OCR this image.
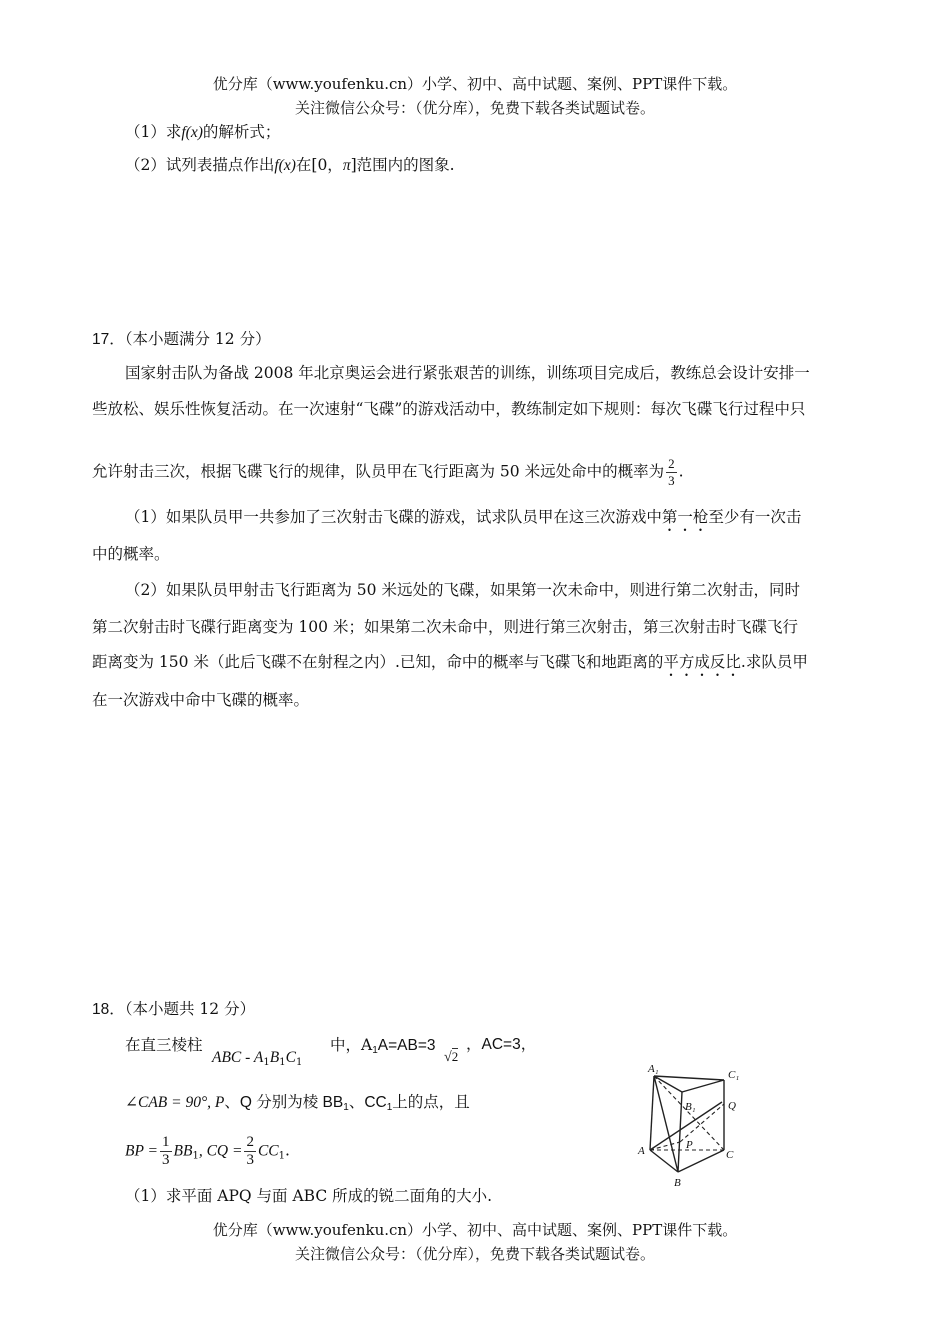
优分库（www.youfenku.cn）小学、初中、高中试题、案例、PPT课件下载。
关注微信公众号：（优分库），免费下载各类试题试卷。
（1）求f(x)的解析式；
（2）试列表描点作出f(x)在[0，π]范围内的图象.
17．（本小题满分 12 分）
国家射击队为备战 2008 年北京奥运会进行紧张艰苦的训练，训练项目完成后，教练总会设计安排一
些放松、娱乐性恢复活动。在一次速射“飞碟”的游戏活动中，教练制定如下规则：每次飞碟飞行过程中只
允许射击三次，根据飞碟飞行的规律，队员甲在飞行距离为 50 米远处命中的概率为 $\frac{2}{3}$ .
（1）如果队员甲一共参加了三次射击飞碟的游戏，试求队员甲在这三次游戏中第一枪至少有一次击
中的概率。
（2）如果队员甲射击飞行距离为 50 米远处的飞碟，如果第一次未命中，则进行第二次射击，同时
第二次射击时飞碟行距离变为 100 米；如果第二次未命中，则进行第三次射击，第三次射击时飞碟飞行
距离变为 150 米（此后飞碟不在射程之内）.已知，命中的概率与飞碟飞和地距离的平方成反比.求队员甲
在一次游戏中命中飞碟的概率。
18．（本小题共 12 分）
在直三棱柱
ABC - $A_1B_1C_1$
中，$A_1A=AB=3$
√2
，AC=3，
∠CAB = 90°, P、Q 分别为棱 $BB_1$、$CC_1$上的点，且
BP = $\frac{1}{3} BB_1$, CQ = $\frac{2}{3} CC_1$.
（1）求平面 APQ 与面 ABC 所成的锐二面角的大小.
A₁	C₁
B₁	Q
A	P
C
B
优分库（www.youfenku.cn）小学、初中、高中试题、案例、PPT课件下载。
关注微信公众号：（优分库），免费下载各类试题试卷。
